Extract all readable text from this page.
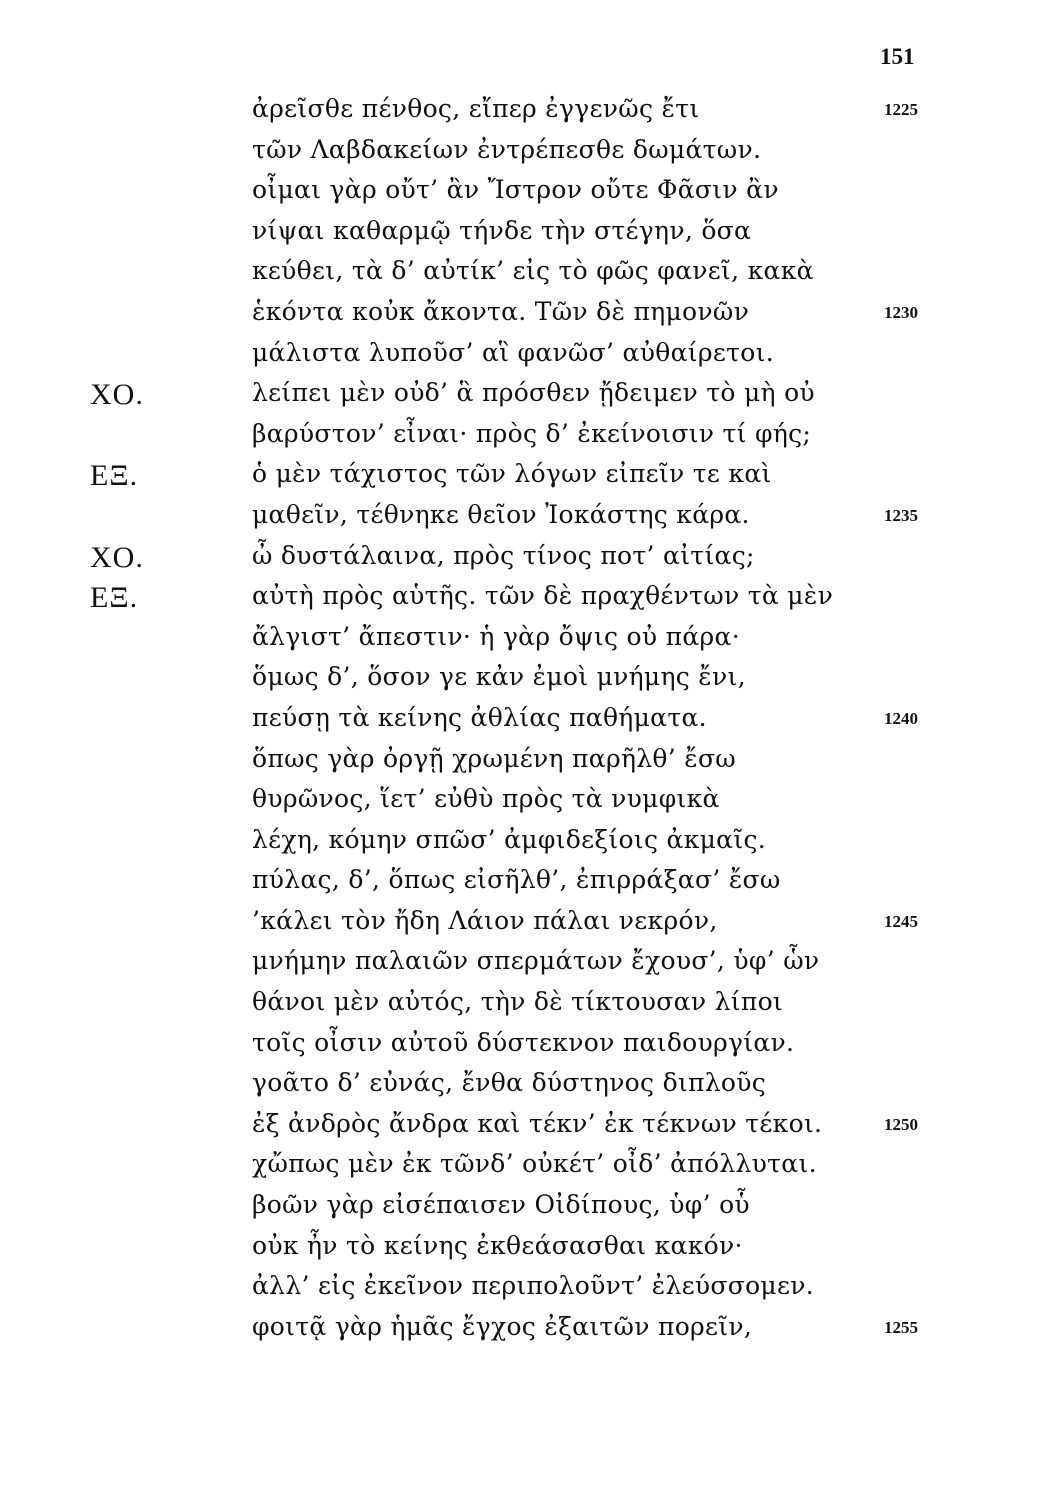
151
ἀρεῖσθε πένθος, εἴπερ ἐγγενῶς ἔτι	1225
τῶν Λαβδακείων ἐντρέπεσθε δωμάτων.
οἶμαι γὰρ οὔτ’ ἂν Ἴστρον οὔτε Φᾶσιν ἂν
νίψαι καθαρμῷ τήνδε τὴν στέγην, ὅσα
κεύθει, τὰ δ’ αὐτίκ’ εἰς τὸ φῶς φανεῖ, κακὰ
ἑκόντα κοὐκ ἄκοντα. Τῶν δὲ πημονῶν	1230
μάλιστα λυποῦσ’ αἳ φανῶσ’ αὐθαίρετοι.
ΧΟ.	λείπει μὲν οὐδ’ ἃ πρόσθεν ᾔδειμεν τὸ μὴ οὐ
βαρύστον’ εἶναι· πρὸς δ’ ἐκείνοισιν τί φής;
ΕΞ.	ὁ μὲν τάχιστος τῶν λόγων εἰπεῖν τε καὶ
μαθεῖν, τέθνηκε θεῖον Ἰοκάστης κάρα.	1235
ΧΟ.	ὦ δυστάλαινα, πρὸς τίνος ποτ’ αἰτίας;
ΕΞ.	αὐτὴ πρὸς αὑτῆς. τῶν δὲ πραχθέντων τὰ μὲν
ἄλγιστ’ ἄπεστιν· ἡ γὰρ ὄψις οὐ πάρα·
ὅμως δ’, ὅσον γε κἀν ἐμοὶ μνήμης ἔνι,
πεύσῃ τὰ κείνης ἀθλίας παθήματα.	1240
ὅπως γὰρ ὀργῇ χρωμένη παρῆλθ’ ἔσω
θυρῶνος, ἵετ’ εὐθὺ πρὸς τὰ νυμφικὰ
λέχη, κόμην σπῶσ’ ἀμφιδεξίοις ἀκμαῖς.
πύλας, δ’, ὅπως εἰσῆλθ’, ἐπιρράξασ’ ἔσω
’κάλει τὸν ἤδη Λάιον πάλαι νεκρόν,	1245
μνήμην παλαιῶν σπερμάτων ἔχουσ’, ὑφ’ ὧν
θάνοι μὲν αὐτός, τὴν δὲ τίκτουσαν λίποι
τοῖς οἶσιν αὐτοῦ δύστεκνον παιδουργίαν.
γοᾶτο δ’ εὐνάς, ἔνθα δύστηνος διπλοῦς
ἐξ ἀνδρὸς ἄνδρα καὶ τέκν’ ἐκ τέκνων τέκοι.	1250
χὤπως μὲν ἐκ τῶνδ’ οὐκέτ’ οἶδ’ ἀπόλλυται.
βοῶν γὰρ εἰσέπαισεν Οἰδίπους, ὑφ’ οὗ
οὐκ ἦν τὸ κείνης ἐκθεάσασθαι κακόν·
ἀλλ’ εἰς ἐκεῖνον περιπολοῦντ’ ἐλεύσσομεν.
φοιτᾷ γὰρ ἡμᾶς ἔγχος ἐξαιτῶν πορεῖν,	1255
